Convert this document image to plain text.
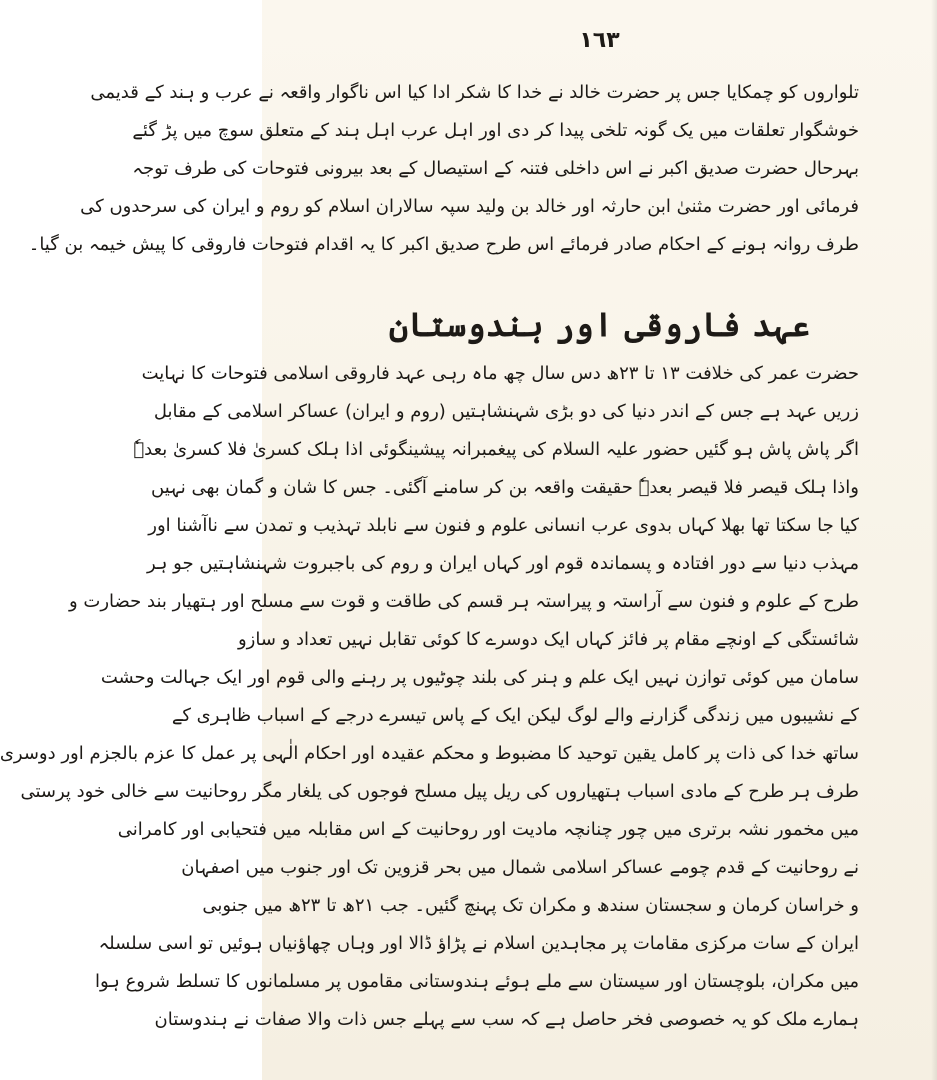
١٦٣
تلواروں کو چمکایا جس پر حضرت خالد نے خدا کا شکر ادا کیا اس ناگوار واقعہ نے عرب و ہند کے قدیمی
خوشگوار تعلقات میں یک گونہ تلخی پیدا کر دی اور اہل عرب اہل ہند کے متعلق سوچ میں پڑ گئے
بہرحال حضرت صدیق اکبر نے اس داخلی فتنہ کے استیصال کے بعد بیرونی فتوحات کی طرف توجہ
فرمائی اور حضرت مثنیٰ ابن حارثہ اور خالد بن ولید سپہ سالاران اسلام کو روم و ایران کی سرحدوں کی
طرف روانہ ہونے کے احکام صادر فرمائے اس طرح صدیق اکبر کا یہ اقدام فتوحات فاروقی کا پیش خیمہ بن گیا۔
عہد فاروقی اور ہندوستان
حضرت عمر کی خلافت ۱۳ تا ۲۳ھ دس سال چھ ماہ رہی عہد فاروقی اسلامی فتوحات کا نہایت
زریں عہد ہے جس کے اندر دنیا کی دو بڑی شہنشاہتیں (روم و ایران) عساکر اسلامی کے مقابل
اگر پاش پاش ہو گئیں حضور علیہ السلام کی پیغمبرانہ پیشینگوئی اذا ہلک کسریٰ فلا کسریٰ بعدہٗ
واذا ہلک قیصر فلا قیصر بعدہٗ حقیقت واقعہ بن کر سامنے آگئی۔ جس کا شان و گمان بھی نہیں
کیا جا سکتا تھا بھلا کہاں بدوی عرب انسانی علوم و فنون سے نابلد تہذیب و تمدن سے ناآشنا اور
مہذب دنیا سے دور افتادہ و پسماندہ قوم اور کہاں ایران و روم کی باجبروت شہنشاہتیں جو ہر
طرح کے علوم و فنون سے آراستہ و پیراستہ ہر قسم کی طاقت و قوت سے مسلح اور ہتھیار بند حضارت و
شائستگی کے اونچے مقام پر فائز کہاں ایک دوسرے کا کوئی تقابل نہیں تعداد و سازو
سامان میں کوئی توازن نہیں ایک علم و ہنر کی بلند چوٹیوں پر رہنے والی قوم اور ایک جہالت وحشت
کے نشیبوں میں زندگی گزارنے والے لوگ لیکن ایک کے پاس تیسرے درجے کے اسباب ظاہری کے
ساتھ خدا کی ذات پر کامل یقین توحید کا مضبوط و محکم عقیدہ اور احکام الٰہی پر عمل کا عزم بالجزم اور دوسری
طرف ہر طرح کے مادی اسباب ہتھیاروں کی ریل پیل مسلح فوجوں کی یلغار مگر روحانیت سے خالی خود پرستی
میں مخمور نشہ برتری میں چور چنانچہ مادیت اور روحانیت کے اس مقابلہ میں فتحیابی اور کامرانی
نے روحانیت کے قدم چومے عساکر اسلامی شمال میں بحر قزوین تک اور جنوب میں اصفہان
و خراسان کرمان و سجستان سندھ و مکران تک پہنچ گئیں۔ جب ۲۱ھ تا ۲۳ھ میں جنوبی
ایران کے سات مرکزی مقامات پر مجاہدین اسلام نے پڑاؤ ڈالا اور وہاں چھاؤنیاں ہوئیں تو اسی سلسلہ
میں مکران، بلوچستان اور سیستان سے ملے ہوئے ہندوستانی مقاموں پر مسلمانوں کا تسلط شروع ہوا
ہمارے ملک کو یہ خصوصی فخر حاصل ہے کہ سب سے پہلے جس ذات والا صفات نے ہندوستان
